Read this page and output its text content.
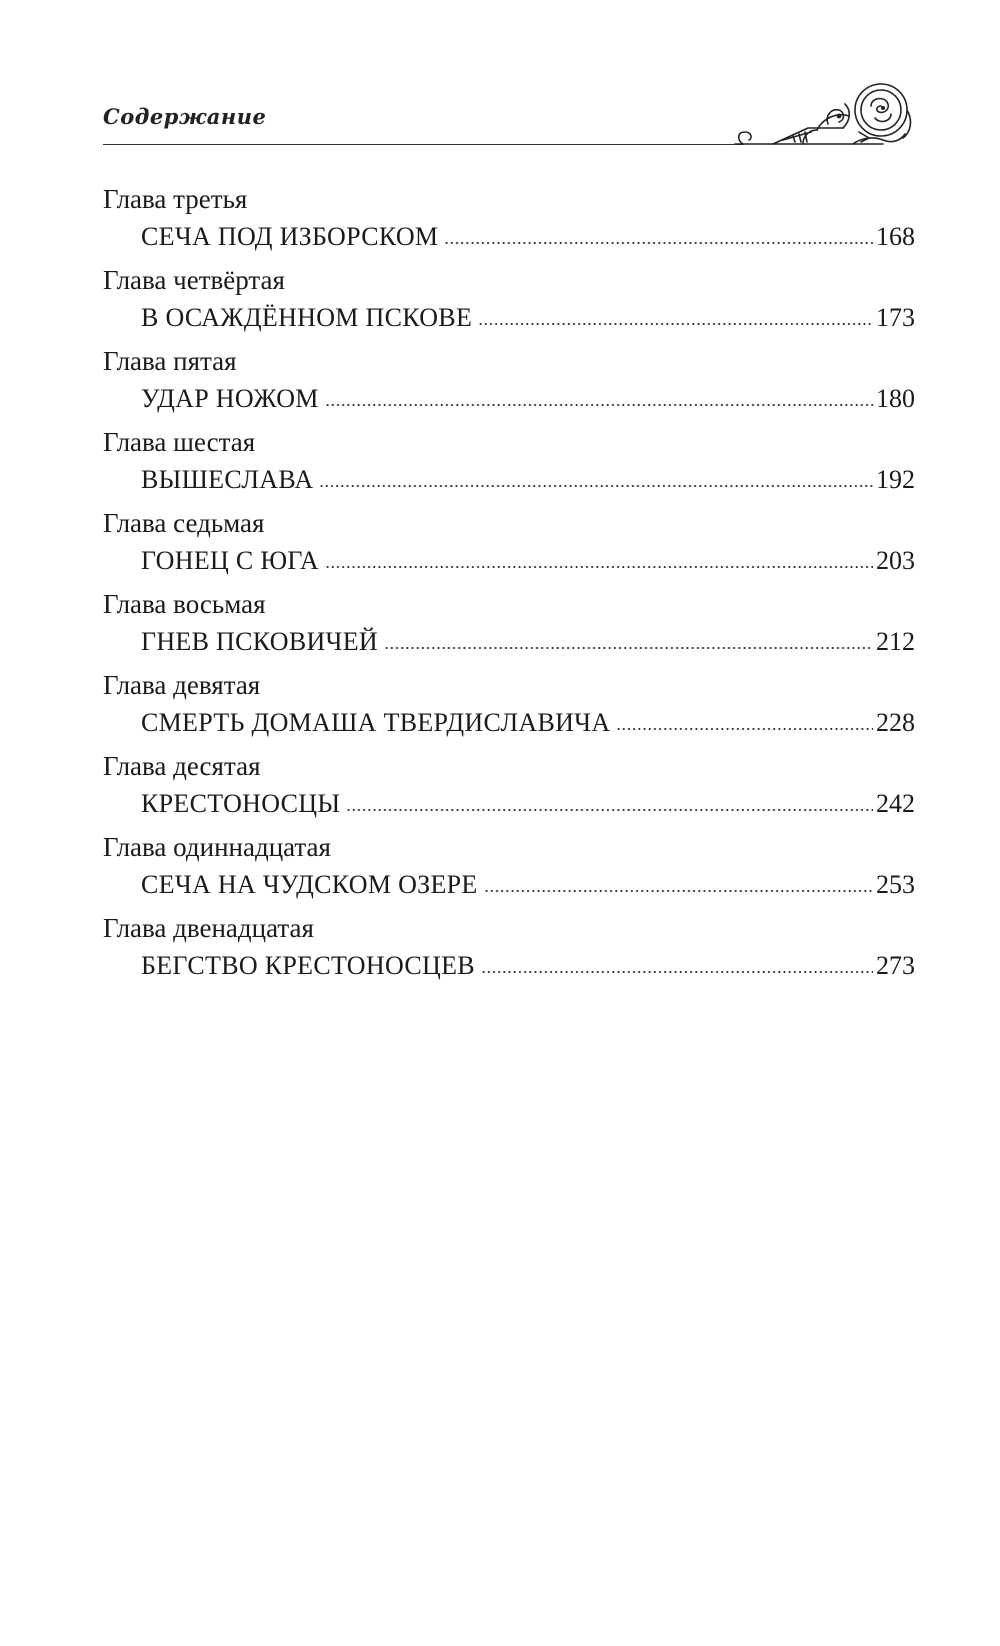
Содержание
Глава третья
СЕЧА ПОД ИЗБОРСКОМ	168
Глава четвёртая
В ОСАЖДЁННОМ ПСКОВЕ	173
Глава пятая
УДАР НОЖОМ	180
Глава шестая
ВЫШЕСЛАВА	192
Глава седьмая
ГОНЕЦ С ЮГА	203
Глава восьмая
ГНЕВ ПСКОВИЧЕЙ	212
Глава девятая
СМЕРТЬ ДОМАША ТВЕРДИСЛАВИЧА	228
Глава десятая
КРЕСТОНОСЦЫ	242
Глава одиннадцатая
СЕЧА НА ЧУДСКОМ ОЗЕРЕ	253
Глава двенадцатая
БЕГСТВО КРЕСТОНОСЦЕВ	273
